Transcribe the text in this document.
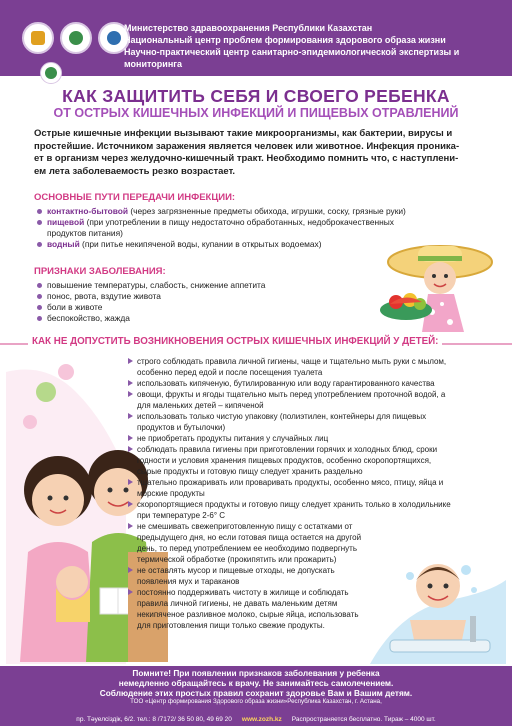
Министерство здравоохранения Республики Казахстан
Национальный центр проблем формирования здорового образа жизни
Научно-практический центр санитарно-эпидемиологической экспертизы и мониторинга
КАК ЗАЩИТИТЬ СЕБЯ И СВОЕГО РЕБЕНКА
ОТ ОСТРЫХ КИШЕЧНЫХ ИНФЕКЦИЙ И ПИЩЕВЫХ ОТРАВЛЕНИЙ
Острые кишечные инфекции вызывают такие микроорганизмы, как бактерии, вирусы и
простейшие. Источником заражения является человек или животное. Инфекция проника-
ет в организм через желудочно-кишечный тракт. Необходимо помнить что, с наступлени-
ем лета заболеваемость резко возрастает.
ОСНОВНЫЕ ПУТИ ПЕРЕДАЧИ ИНФЕКЦИИ:
контактно-бытовой (через загрязненные предметы обихода, игрушки, соску, грязные руки)
пищевой (при употреблении в пищу недостаточно обработанных, недоброкачественных
продуктов питания)
водный (при питье некипяченой воды, купании в открытых водоемах)
ПРИЗНАКИ ЗАБОЛЕВАНИЯ:
повышение температуры, слабость, снижение аппетита
понос, рвота, вздутие живота
боли в животе
беспокойство, жажда
КАК НЕ ДОПУСТИТЬ ВОЗНИКНОВЕНИЯ ОСТРЫХ КИШЕЧНЫХ ИНФЕКЦИЙ У ДЕТЕЙ:
строго соблюдать правила личной гигиены, чаще и тщательно мыть руки с мылом,
особенно перед едой и после посещения туалета
использовать кипяченую, бутилированную или воду гарантированного качества
овощи, фрукты и ягоды тщательно мыть перед употреблением проточной водой, а
для маленьких детей – кипяченой
использовать только чистую упаковку (полиэтилен, контейнеры для пищевых
продуктов и бутылочки)
не приобретать продукты питания у случайных лиц
соблюдать правила гигиены при приготовлении горячих и холодных блюд, сроки
годности и условия хранения пищевых продуктов, особенно скоропортящихся,
сырые продукты и готовую пищу следует хранить раздельно
тщательно прожаривать или проваривать продукты, особенно мясо, птицу, яйца и
морские продукты
скоропортящиеся продукты и готовую пищу следует хранить только в холодильнике
при температуре 2-6° С
не смешивать свежеприготовленную пищу с остатками от
предыдущего дня, но если готовая пища остается на другой
день, то перед употреблением ее необходимо подвергнуть
термической обработке (прокипятить или прожарить)
не оставлять мусор и пищевые отходы, не допускать
появления мух и тараканов
постоянно поддерживать чистоту в жилище и соблюдать
правила личной гигиены, не давать маленьким детям
некипяченое разливное молоко, сырые яйца, использовать
для приготовления пищи только свежие продукты.
Помните! При появлении признаков заболевания у ребенка
немедленно обращайтесь к врачу. Не занимайтесь самолечением.
Соблюдение этих простых правил сохранит здоровье Вам и Вашим детям.
ТОО «Центр формирования Здорового образа жизни»Республика Казахстан, г. Астана,
пр. Тәуелсіздік, 6/2. тел.: 8 /7172/ 36 50 80, 49 69 20 www.zozh.kz Распространяется бесплатно. Тираж – 4000 шт.
